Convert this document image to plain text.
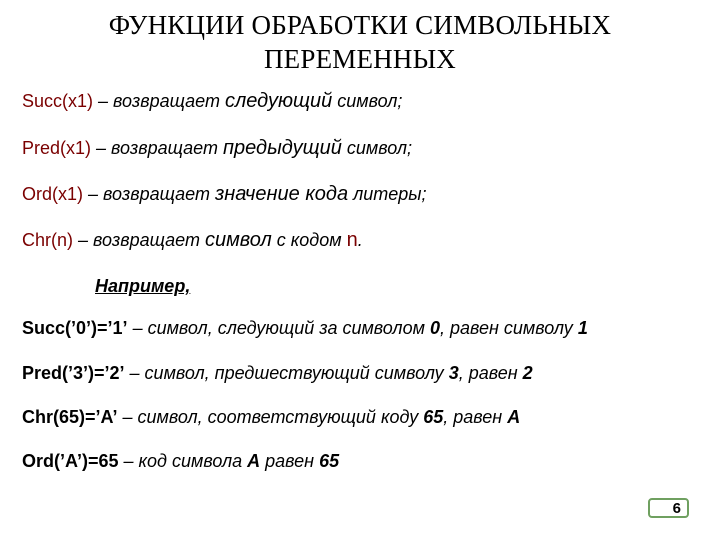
ФУНКЦИИ ОБРАБОТКИ СИМВОЛЬНЫХ
ПЕРЕМЕННЫХ
Succ(x1) – возвращает следующий символ;
Pred(x1) – возвращает предыдущий символ;
Ord(x1) – возвращает значение кода литеры;
Chr(n) – возвращает символ с кодом n.
Например,
Succ(’0’)=’1’ – символ, следующий за символом 0, равен символу 1
Pred(’3’)=’2’ – символ, предшествующий символу 3, равен 2
Chr(65)=’A’ – символ, соответствующий коду 65, равен A
Ord(’A’)=65 – код символа A равен 65
6
